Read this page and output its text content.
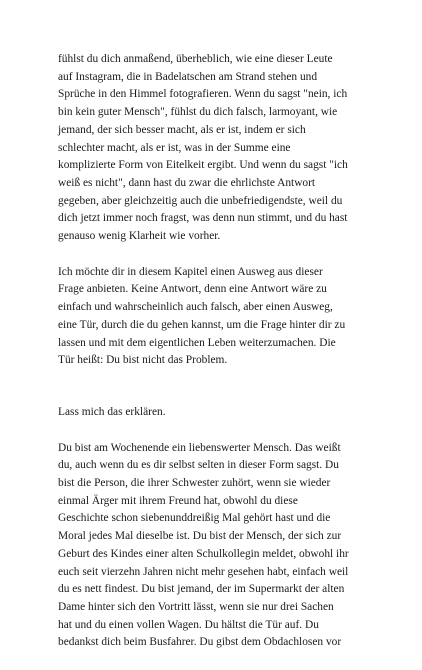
fühlst du dich anmaßend, überheblich, wie eine dieser Leute
auf Instagram, die in Badelatschen am Strand stehen und
Sprüche in den Himmel fotografieren. Wenn du sagst "nein, ich
bin kein guter Mensch", fühlst du dich falsch, larmoyant, wie
jemand, der sich besser macht, als er ist, indem er sich
schlechter macht, als er ist, was in der Summe eine
komplizierte Form von Eitelkeit ergibt. Und wenn du sagst "ich
weiß es nicht", dann hast du zwar die ehrlichste Antwort
gegeben, aber gleichzeitig auch die unbefriedigendste, weil du
dich jetzt immer noch fragst, was denn nun stimmt, und du hast
genauso wenig Klarheit wie vorher.

Ich möchte dir in diesem Kapitel einen Ausweg aus dieser
Frage anbieten. Keine Antwort, denn eine Antwort wäre zu
einfach und wahrscheinlich auch falsch, aber einen Ausweg,
eine Tür, durch die du gehen kannst, um die Frage hinter dir zu
lassen und mit dem eigentlichen Leben weiterzumachen. Die
Tür heißt: Du bist nicht das Problem.

Lass mich das erklären.

Du bist am Wochenende ein liebenswerter Mensch. Das weißt
du, auch wenn du es dir selbst selten in dieser Form sagst. Du
bist die Person, die ihrer Schwester zuhört, wenn sie wieder
einmal Ärger mit ihrem Freund hat, obwohl du diese
Geschichte schon siebenunddreißig Mal gehört hast und die
Moral jedes Mal dieselbe ist. Du bist der Mensch, der sich zur
Geburt des Kindes einer alten Schulkollegin meldet, obwohl ihr
euch seit vierzehn Jahren nicht mehr gesehen habt, einfach weil
du es nett findest. Du bist jemand, der im Supermarkt der alten
Dame hinter sich den Vortritt lässt, wenn sie nur drei Sachen
hat und du einen vollen Wagen. Du hältst die Tür auf. Du
bedankst dich beim Busfahrer. Du gibst dem Obdachlosen vor
